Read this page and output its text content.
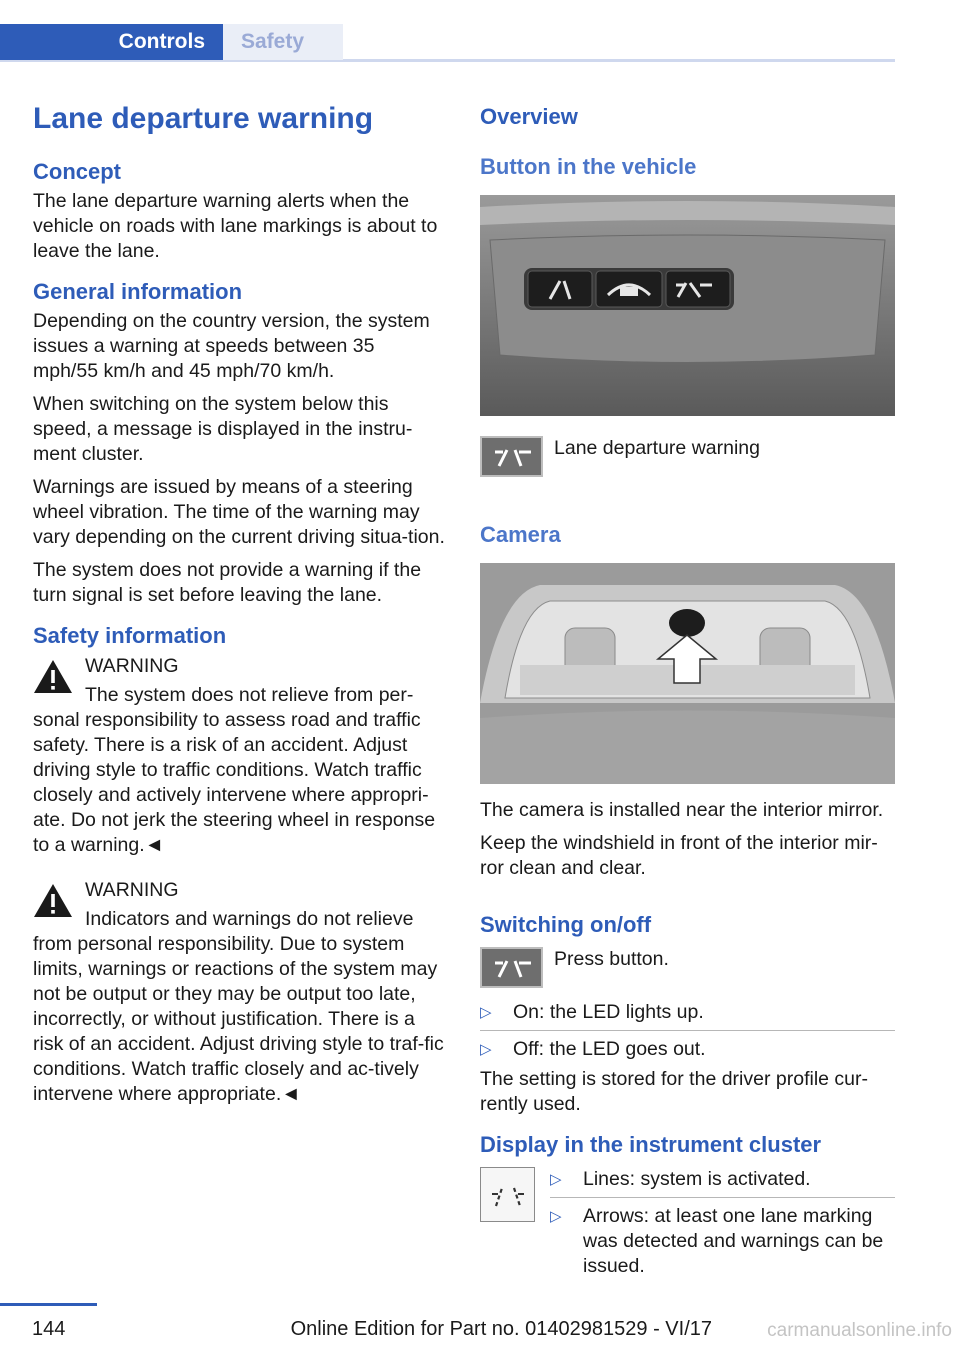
Controls	Safety
Lane departure warning
Concept

The lane departure warning alerts when the vehicle on roads with lane markings is about to leave the lane.

General information

Depending on the country version, the system issues a warning at speeds between 35 mph/55 km/h and 45 mph/70 km/h.

When switching on the system below this speed, a message is displayed in the instru-ment cluster.

Warnings are issued by means of a steering wheel vibration. The time of the warning may vary depending on the current driving situa-tion.

The system does not provide a warning if the turn signal is set before leaving the lane.

Safety information
WARNING
The system does not relieve from per-sonal responsibility to assess road and traffic safety. There is a risk of an accident. Adjust driving style to traffic conditions. Watch traffic closely and actively intervene where appropri-ate. Do not jerk the steering wheel in response to a warning.◄
WARNING
Indicators and warnings do not relieve from personal responsibility. Due to system limits, warnings or reactions of the system may not be output or they may be output too late, incorrectly, or without justification. There is a risk of an accident. Adjust driving style to traf-fic conditions. Watch traffic closely and ac-tively intervene where appropriate.◄
Overview
Button in the vehicle
Lane departure warning
Camera

The camera is installed near the interior mirror.

Keep the windshield in front of the interior mir-ror clean and clear.

Switching on/off
Press button.
▷ On: the LED lights up.
▷ Off: the LED goes out.

The setting is stored for the driver profile cur-rently used.

Display in the instrument cluster
▷ Lines: system is activated.
▷ Arrows: at least one lane marking was detected and warnings can be issued.
144	Online Edition for Part no. 01402981529 - VI/17	carmanualsonline.info
